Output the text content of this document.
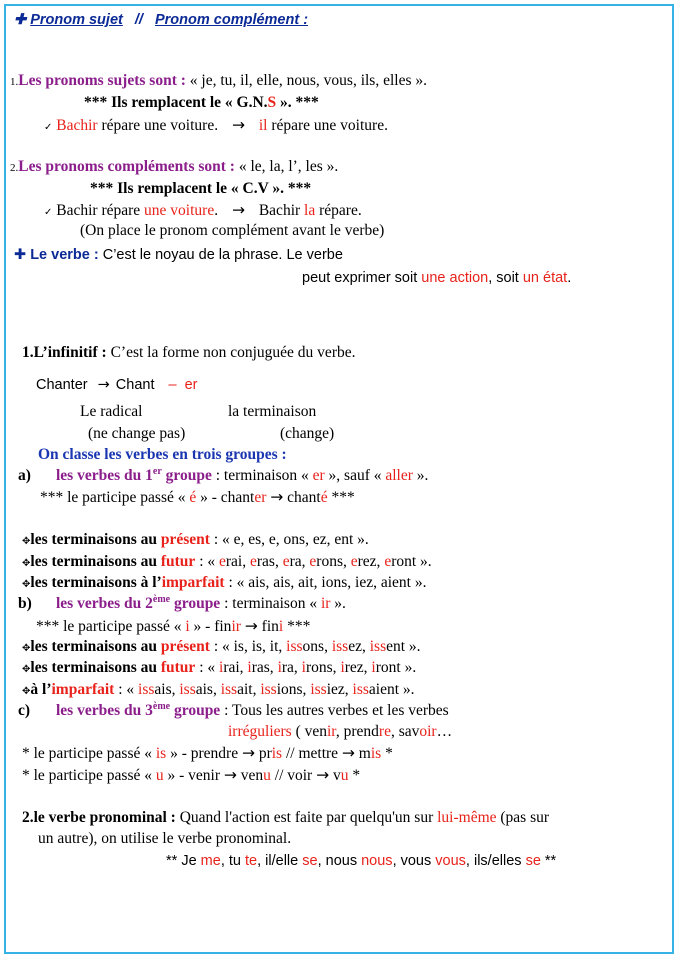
✚ Pronom sujet // Pronom complément :
1.Les pronoms sujets sont : « je, tu, il, elle, nous, vous, ils, elles ».
*** Ils remplacent le « G.N.S ». ***
✓ Bachir répare une voiture. → il répare une voiture.
2.Les pronoms compléments sont : « le, la, l’, les ».
*** Ils remplacent le « C.V ». ***
✓ Bachir répare une voiture. → Bachir la répare.
(On place le pronom complément avant le verbe)
✚ Le verbe : C’est le noyau de la phrase. Le verbe
peut exprimer soit une action, soit un état.
1.L’infinitif : C’est la forme non conjuguée du verbe.
Chanter → Chant – er
Le radical	la terminaison
(ne change pas)	(change)
On classe les verbes en trois groupes :
a) les verbes du 1er groupe : terminaison « er », sauf « aller ».
*** le participe passé « é » - chanter → chanté ***
✥les terminaisons au présent : « e, es, e, ons, ez, ent ».
✥les terminaisons au futur : « erai, eras, era, erons, erez, eront ».
✥les terminaisons à l’imparfait : « ais, ais, ait, ions, iez, aient ».
b) les verbes du 2ème groupe : terminaison « ir ».
*** le participe passé « i » - finir → fini ***
✥les terminaisons au présent : « is, is, it, issons, issez, issent ».
✥les terminaisons au futur : « irai, iras, ira, irons, irez, iront ».
✥à l’imparfait : « issais, issais, issait, issions, issiez, issaient ».
c) les verbes du 3ème groupe : Tous les autres verbes et les verbes
irréguliers ( venir, prendre, savoir…
* le participe passé « is » - prendre → pris // mettre → mis *
* le participe passé « u » - venir → venu // voir → vu *
2.le verbe pronominal : Quand l'action est faite par quelqu'un sur lui-même (pas sur
un autre), on utilise le verbe pronominal.
** Je me, tu te, il/elle se, nous nous, vous vous, ils/elles se **
